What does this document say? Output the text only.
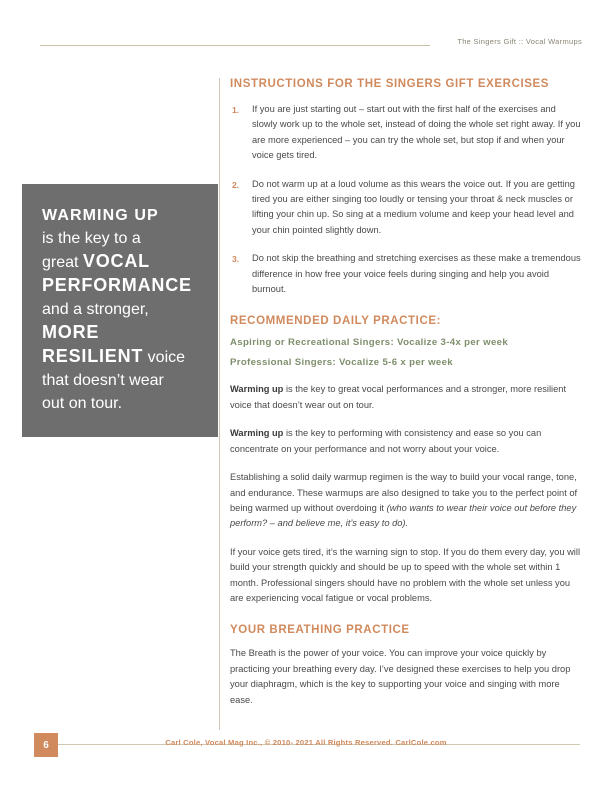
The Singers Gift :: Vocal Warmups

WARMING UP
is the key to a
great VOCAL
PERFORMANCE
and a stronger,
MORE
RESILIENT voice
that doesn’t wear
out on tour.

INSTRUCTIONS FOR THE SINGERS GIFT EXERCISES
If you are just starting out – start out with the first half of the exercises and slowly work up to the whole set, instead of doing the whole set right away. If you are more experienced – you can try the whole set, but stop if and when your voice gets tired.
Do not warm up at a loud volume as this wears the voice out. If you are getting tired you are either singing too loudly or tensing your throat & neck muscles or lifting your chin up. So sing at a medium volume and keep your head level and your chin pointed slightly down.
Do not skip the breathing and stretching exercises as these make a tremendous difference in how free your voice feels during singing and help you avoid burnout.
RECOMMENDED DAILY PRACTICE:
Aspiring or Recreational Singers: Vocalize 3-4x per week
Professional Singers: Vocalize 5-6 x per week

Warming up is the key to great vocal performances and a stronger, more resilient voice that doesn’t wear out on tour.

Warming up is the key to performing with consistency and ease so you can concentrate on your performance and not worry about your voice.

Establishing a solid daily warmup regimen is the way to build your vocal range, tone, and endurance. These warmups are also designed to take you to the perfect point of being warmed up without overdoing it (who wants to wear their voice out before they perform? – and believe me, it’s easy to do).

If your voice gets tired, it’s the warning sign to stop. If you do them every day, you will build your strength quickly and should be up to speed with the whole set within 1 month. Professional singers should have no problem with the whole set unless you are experiencing vocal fatigue or vocal problems.

YOUR BREATHING PRACTICE

The Breath is the power of your voice. You can improve your voice quickly by practicing your breathing every day. I’ve designed these exercises to help you drop your diaphragm, which is the key to supporting your voice and singing with more ease.

6	Carl Cole, Vocal Mag Inc., © 2010- 2021 All Rights Reserved. CarlCole.com
